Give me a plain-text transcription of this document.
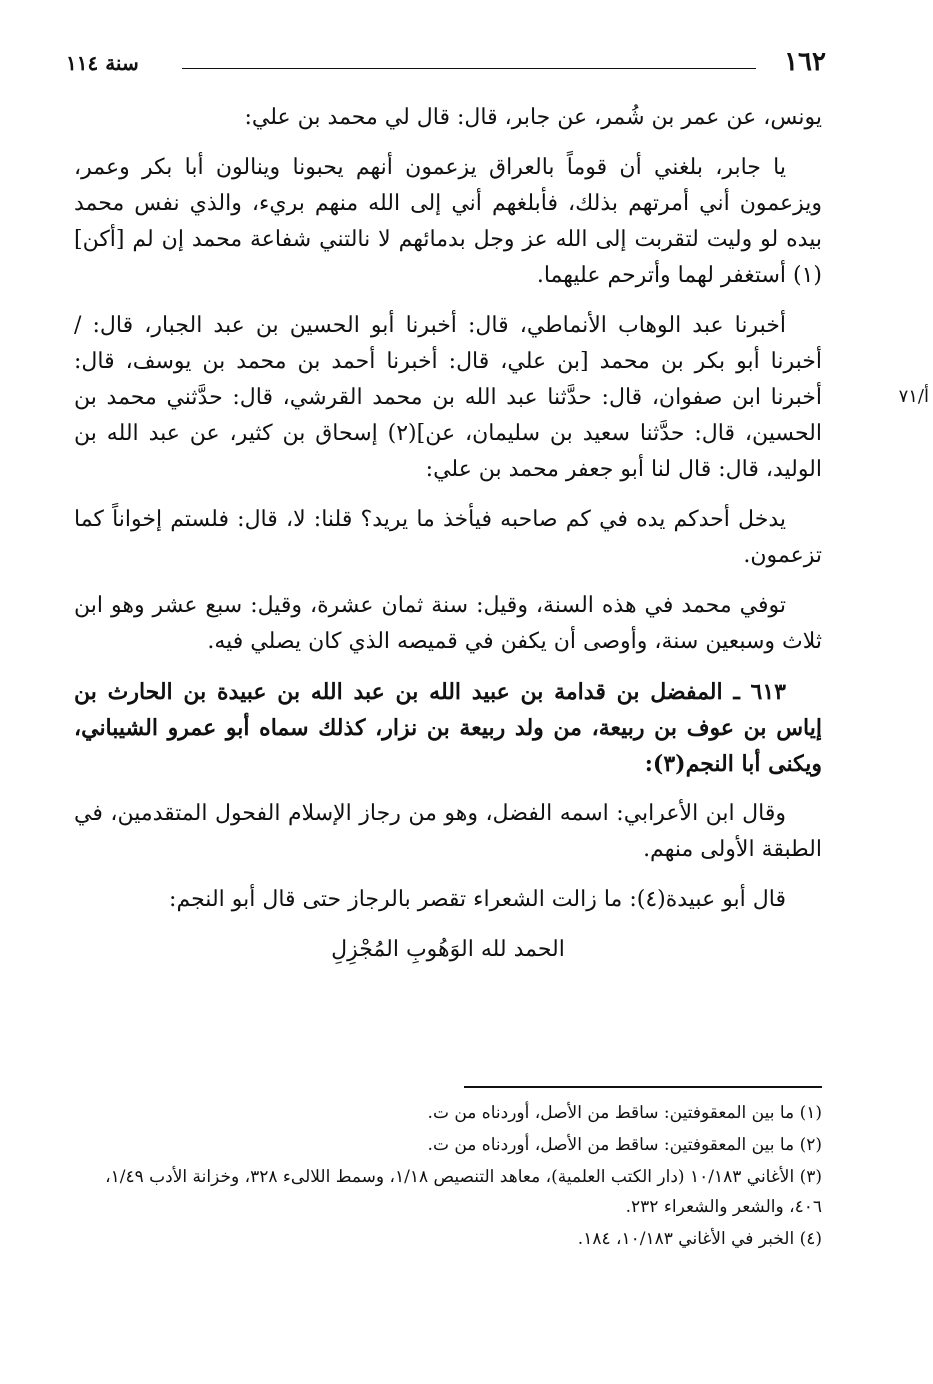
١٦٢
سنة ١١٤
أ/٧١

يونس، عن عمر بن شُمر، عن جابر، قال: قال لي محمد بن علي:

يا جابر، بلغني أن قوماً بالعراق يزعمون أنهم يحبونا وينالون أبا بكر وعمر، ويزعمون أني أمرتهم بذلك، فأبلغهم أني إلى الله منهم بريء، والذي نفس محمد بيده لو وليت لتقربت إلى الله عز وجل بدمائهم لا نالتني شفاعة محمد إن لم [أكن](١) أستغفر لهما وأترحم عليهما.

أخبرنا عبد الوهاب الأنماطي، قال: أخبرنا أبو الحسين بن عبد الجبار، قال: / أخبرنا أبو بكر بن محمد [بن علي، قال: أخبرنا أحمد بن محمد بن يوسف، قال: أخبرنا ابن صفوان، قال: حدَّثنا عبد الله بن محمد القرشي، قال: حدَّثني محمد بن الحسين، قال: حدَّثنا سعيد بن سليمان، عن](٢) إسحاق بن كثير، عن عبد الله بن الوليد، قال: قال لنا أبو جعفر محمد بن علي:

يدخل أحدكم يده في كم صاحبه فيأخذ ما يريد؟ قلنا: لا، قال: فلستم إخواناً كما تزعمون.

توفي محمد في هذه السنة، وقيل: سنة ثمان عشرة، وقيل: سبع عشر وهو ابن ثلاث وسبعين سنة، وأوصى أن يكفن في قميصه الذي كان يصلي فيه.

٦١٣ ـ المفضل بن قدامة بن عبيد الله بن عبد الله بن عبيدة بن الحارث بن إياس بن عوف بن ربيعة، من ولد ربيعة بن نزار، كذلك سماه أبو عمرو الشيباني، ويكنى أبا النجم(٣):

وقال ابن الأعرابي: اسمه الفضل، وهو من رجاز الإسلام الفحول المتقدمين، في الطبقة الأولى منهم.

قال أبو عبيدة(٤): ما زالت الشعراء تقصر بالرجاز حتى قال أبو النجم:

الحمد لله الوَهُوبِ المُجْزِلِ

(١) ما بين المعقوفتين: ساقط من الأصل، أوردناه من ت.

(٢) ما بين المعقوفتين: ساقط من الأصل، أوردناه من ت.

(٣) الأغاني ١٠/١٨٣ (دار الكتب العلمية)، معاهد التنصيص ١/١٨، وسمط اللالىء ٣٢٨، وخزانة الأدب ١/٤٩، ٤٠٦، والشعر والشعراء ٢٣٢.

(٤) الخبر في الأغاني ١٠/١٨٣، ١٨٤.
